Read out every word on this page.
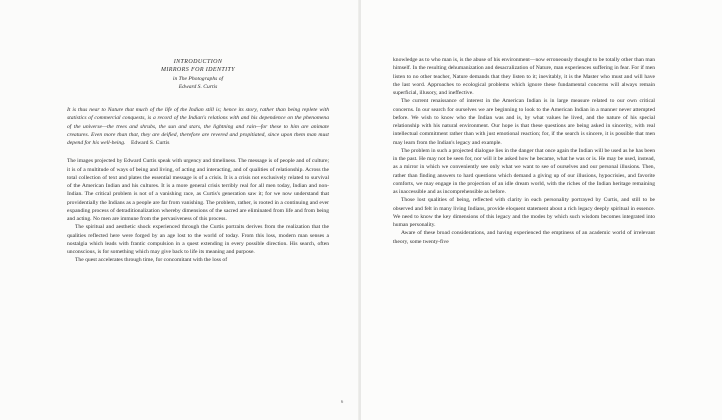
INTRODUCTION
MIRRORS FOR IDENTITY
in The Photographs of
Edward S. Curtis
It is thus near to Nature that much of the life of the Indian still is; hence its story, rather than being replete with statistics of commercial conquests, is a record of the Indian's relations with and his dependence on the phenomena of the universe—the trees and shrubs, the sun and stars, the lightning and rain—for these to him are animate creatures. Even more than that, they are deified, therefore are revered and propitiated, since upon them man must depend for his well-being. Edward S. Curtis

The images projected by Edward Curtis speak with urgency and timeliness. The message is of people and of culture; it is of a multitude of ways of being and living, of acting and interacting, and of qualities of relationship. Across the total collection of text and plates the essential message is of a crisis. It is a crisis not exclusively related to survival of the American Indian and his cultures. It is a more general crisis terribly real for all men today, Indian and non-Indian. The critical problem is not of a vanishing race, as Curtis's generation saw it; for we now understand that providentially the Indians as a people are far from vanishing. The problem, rather, is rooted in a continuing and ever expanding process of detraditionalization whereby dimensions of the sacred are eliminated from life and from being and acting. No men are immune from the pervasiveness of this process.

The spiritual and aesthetic shock experienced through the Curtis portraits derives from the realization that the qualities reflected here were forged by an age lost to the world of today. From this loss, modern man senses a nostalgia which leads with frantic compulsion in a quest extending in every possible direction. His search, often unconscious, is for something which may give back to life its meaning and purpose.

The quest accelerates through time, for concomitant with the loss of

knowledge as to who man is, is the abuse of his environment—now erroneously thought to be totally other than man himself. In the resulting dehumanization and desacralization of Nature, man experiences suffering in fear. For if men listen to no other teacher, Nature demands that they listen to it; inevitably, it is the Master who must and will have the last word. Approaches to ecological problems which ignore these fundamental concerns will always remain superficial, illusory, and ineffective.

The current renaissance of interest in the American Indian is in large measure related to our own critical concerns. In our search for ourselves we are beginning to look to the American Indian in a manner never attempted before. We wish to know who the Indian was and is, by what values he lived, and the nature of his special relationship with his natural environment. Our hope is that these questions are being asked in sincerity, with real intellectual commitment rather than with just emotional reaction; for, if the search is sincere, it is possible that men may learn from the Indian's legacy and example.

The problem in such a projected dialogue lies in the danger that once again the Indian will be used as he has been in the past. He may not be seen for, nor will it be asked how he became, what he was or is. He may be used, instead, as a mirror in which we conveniently see only what we want to see of ourselves and our personal illusions. Then, rather than finding answers to hard questions which demand a giving up of our illusions, hypocrisies, and favorite comforts, we may engage in the projection of an idle dream world, with the riches of the Indian heritage remaining as inaccessible and as incomprehensible as before.

Those lost qualities of being, reflected with clarity in each personality portrayed by Curtis, and still to be observed and felt in many living Indians, provide eloquent statement about a rich legacy deeply spiritual in essence. We need to know the key dimensions of this legacy and the modes by which such wisdom becomes integrated into human personality.

Aware of these broad considerations, and having experienced the emptiness of an academic world of irrelevant theory, some twenty-five

6
